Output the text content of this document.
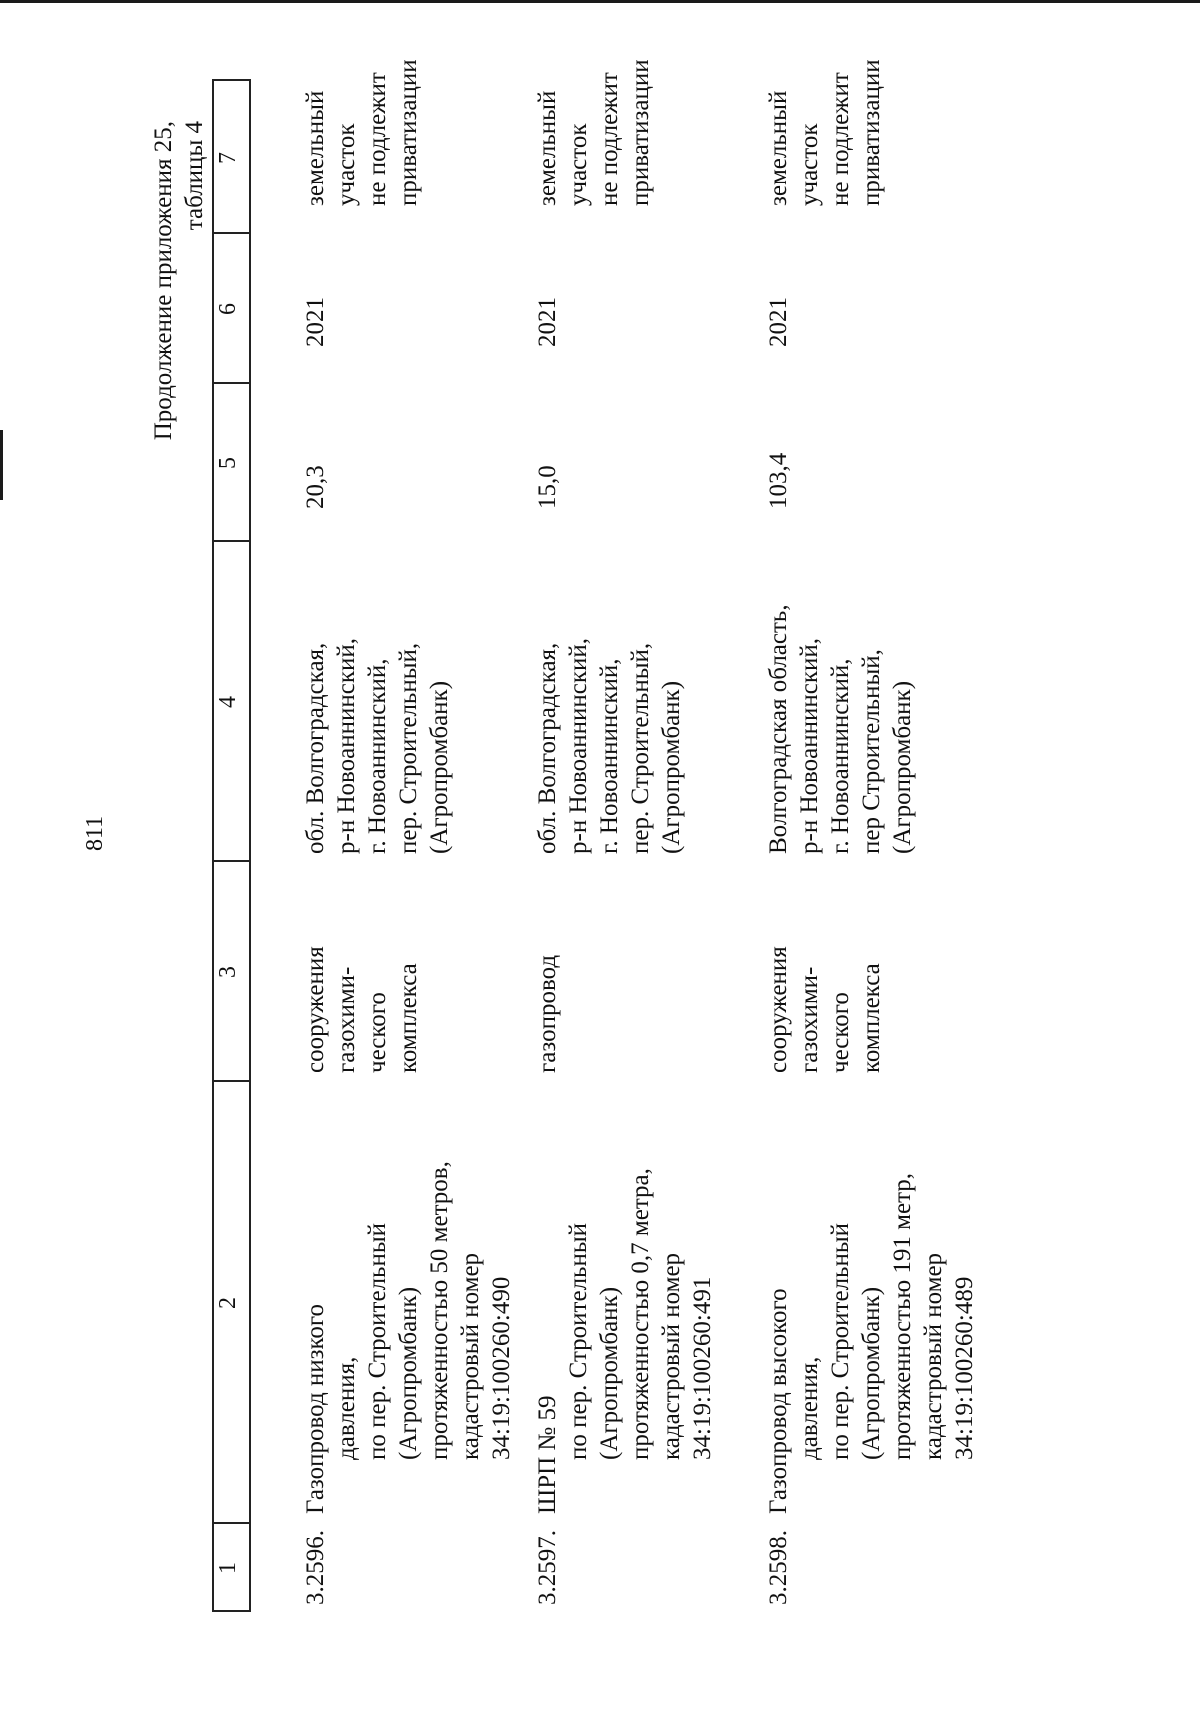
811
Продолжение приложения 25, таблицы 4
1
2
3
4
5
6
7
3.2596.
Газопровод низкого давления, по пер. Строительный (Агропромбанк) протяженностью 50 метров, кадастровый номер 34:19:100260:490
сооружения газохими- ческого комплекса
обл. Волгоградская, р-н Новоаннинский, г. Новоаннинский, пер. Строительный, (Агропромбанк)
20,3
2021
земельный участок не подлежит приватизации
3.2597.
ШРП № 59 по пер. Строительный (Агропромбанк) протяженностью 0,7 метра, кадастровый номер 34:19:100260:491
газопровод
обл. Волгоградская, р-н Новоаннинский, г. Новоаннинский, пер. Строительный, (Агропромбанк)
15,0
2021
земельный участок не подлежит приватизации
3.2598.
Газопровод высокого давления, по пер. Строительный (Агропромбанк) протяженностью 191 метр, кадастровый номер 34:19:100260:489
сооружения газохими- ческого комплекса
Волгоградская область, р-н Новоаннинский, г. Новоаннинский, пер Строительный, (Агропромбанк)
103,4
2021
земельный участок не подлежит приватизации
